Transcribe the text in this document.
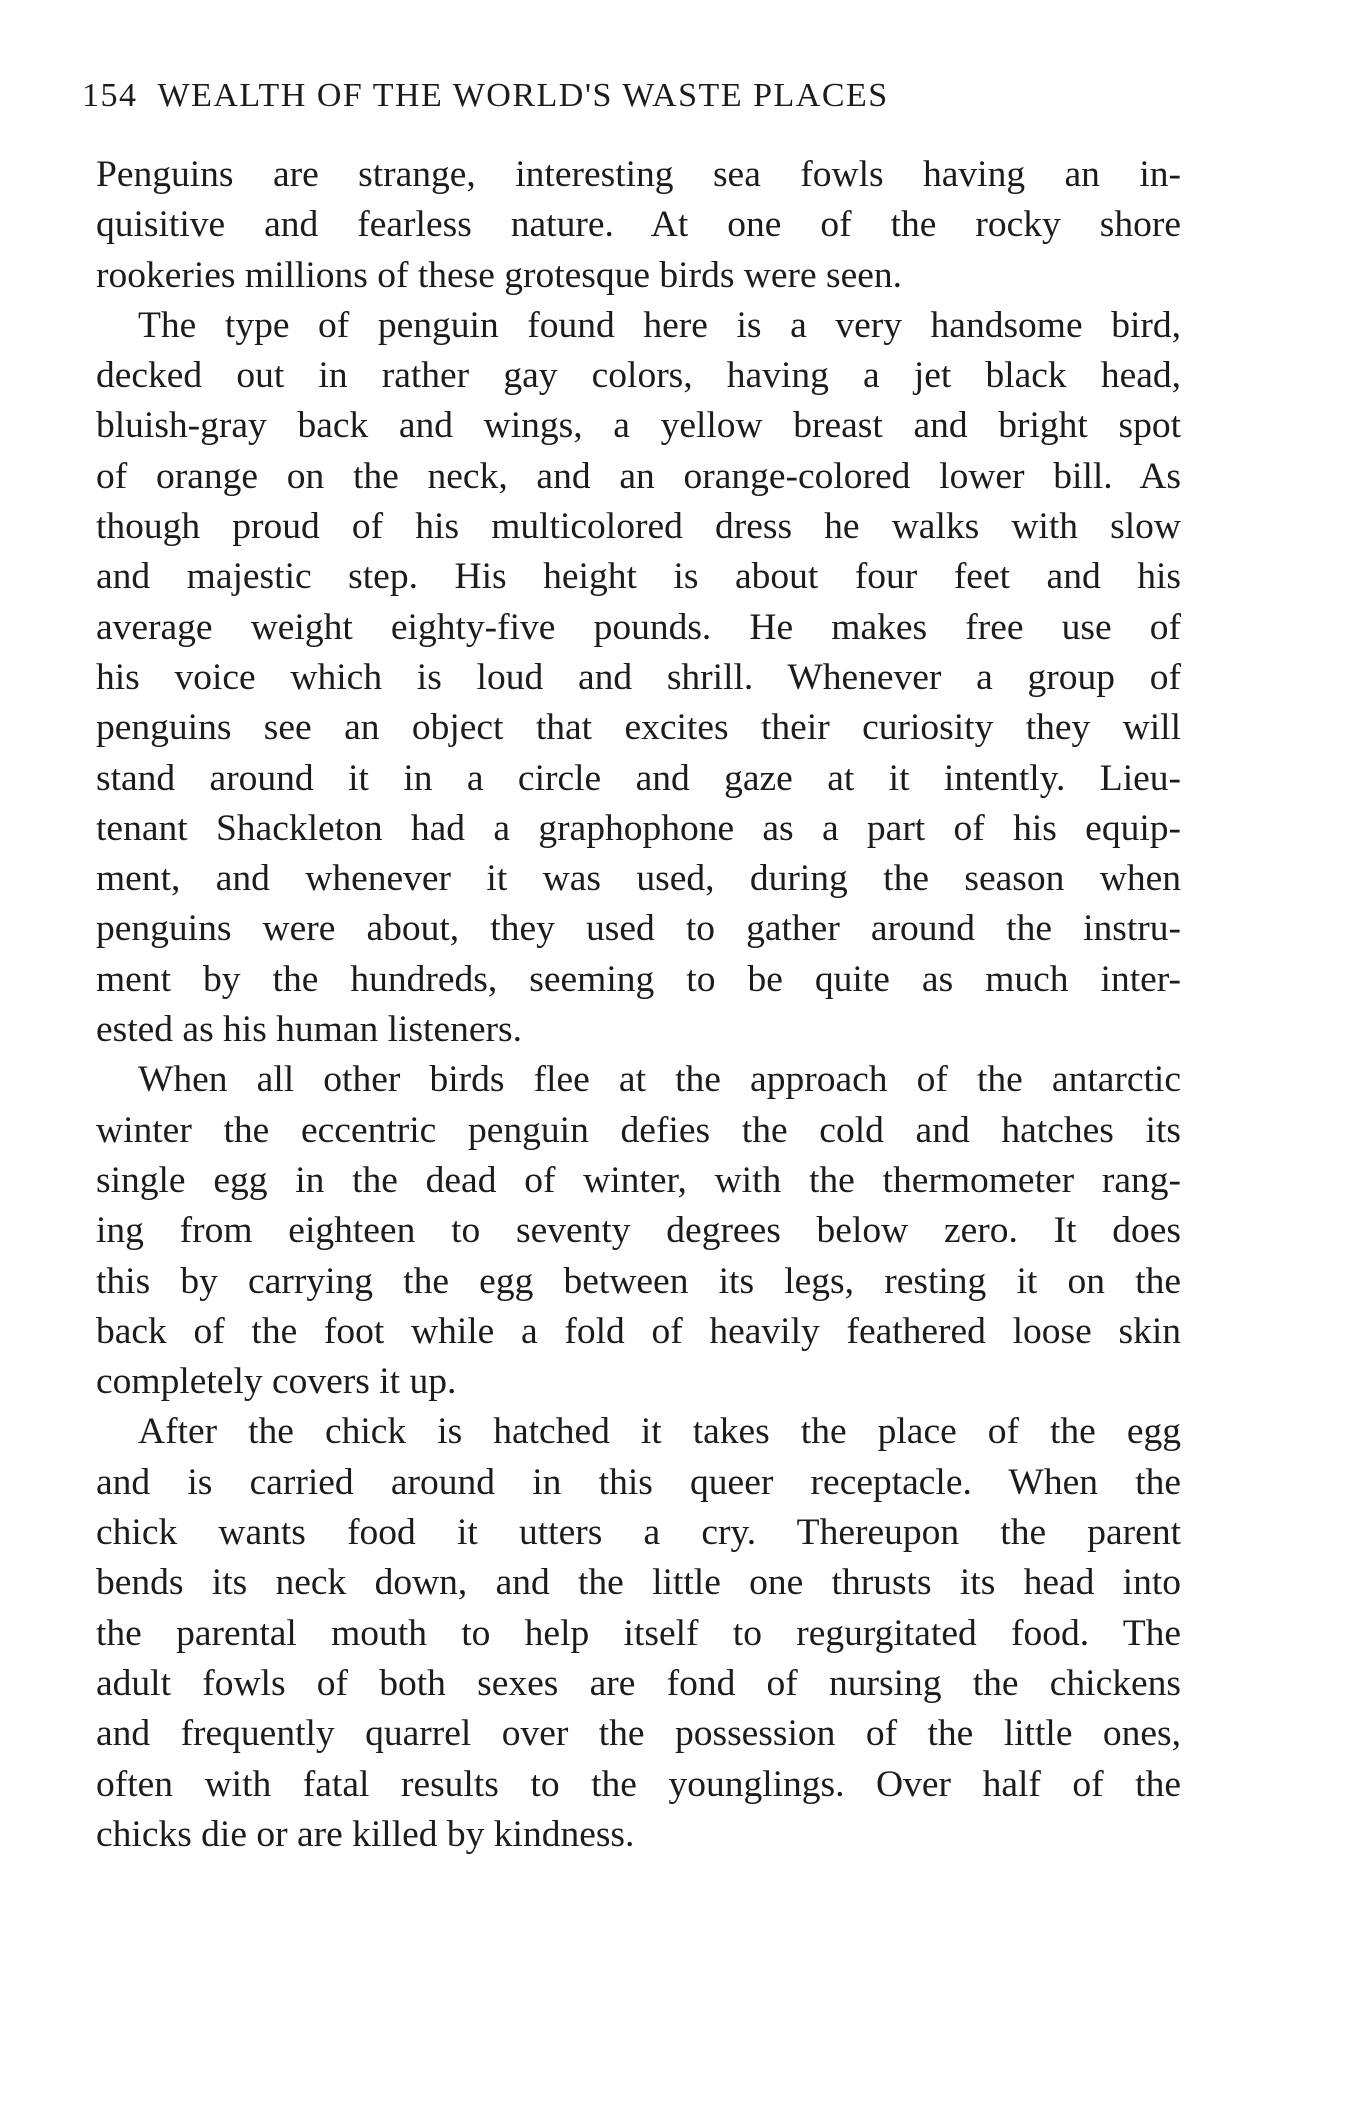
154 WEALTH OF THE WORLD'S WASTE PLACES
Penguins are strange, interesting sea fowls having an in-
quisitive and fearless nature. At one of the rocky shore
rookeries millions of these grotesque birds were seen.
The type of penguin found here is a very handsome bird,
decked out in rather gay colors, having a jet black head,
bluish-gray back and wings, a yellow breast and bright spot
of orange on the neck, and an orange-colored lower bill. As
though proud of his multicolored dress he walks with slow
and majestic step. His height is about four feet and his
average weight eighty-five pounds. He makes free use of
his voice which is loud and shrill. Whenever a group of
penguins see an object that excites their curiosity they will
stand around it in a circle and gaze at it intently. Lieu-
tenant Shackleton had a graphophone as a part of his equip-
ment, and whenever it was used, during the season when
penguins were about, they used to gather around the instru-
ment by the hundreds, seeming to be quite as much inter-
ested as his human listeners.
When all other birds flee at the approach of the antarctic
winter the eccentric penguin defies the cold and hatches its
single egg in the dead of winter, with the thermometer rang-
ing from eighteen to seventy degrees below zero. It does
this by carrying the egg between its legs, resting it on the
back of the foot while a fold of heavily feathered loose skin
completely covers it up.
After the chick is hatched it takes the place of the egg
and is carried around in this queer receptacle. When the
chick wants food it utters a cry. Thereupon the parent
bends its neck down, and the little one thrusts its head into
the parental mouth to help itself to regurgitated food. The
adult fowls of both sexes are fond of nursing the chickens
and frequently quarrel over the possession of the little ones,
often with fatal results to the younglings. Over half of the
chicks die or are killed by kindness.
